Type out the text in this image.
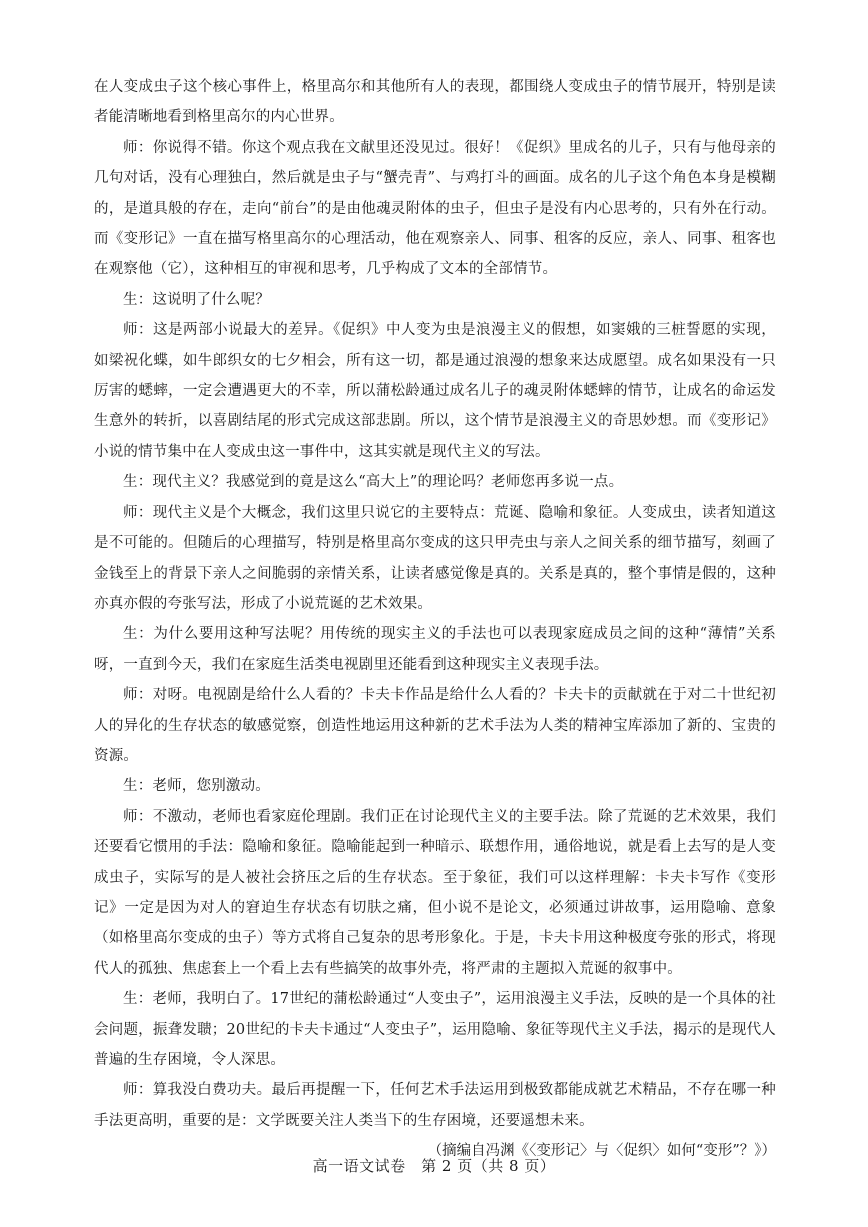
在人变成虫子这个核心事件上，格里高尔和其他所有人的表现，都围绕人变成虫子的情节展开，特别是读者能清晰地看到格里高尔的内心世界。

师：你说得不错。你这个观点我在文献里还没见过。很好！《促织》里成名的儿子，只有与他母亲的几句对话，没有心理独白，然后就是虫子与“蟹壳青”、与鸡打斗的画面。成名的儿子这个角色本身是模糊的，是道具般的存在，走向“前台”的是由他魂灵附体的虫子，但虫子是没有内心思考的，只有外在行动。而《变形记》一直在描写格里高尔的心理活动，他在观察亲人、同事、租客的反应，亲人、同事、租客也在观察他（它），这种相互的审视和思考，几乎构成了文本的全部情节。

生：这说明了什么呢？

师：这是两部小说最大的差异。《促织》中人变为虫是浪漫主义的假想，如窦娥的三桩誓愿的实现，如梁祝化蝶，如牛郎织女的七夕相会，所有这一切，都是通过浪漫的想象来达成愿望。成名如果没有一只厉害的蟋蟀，一定会遭遇更大的不幸，所以蒲松龄通过成名儿子的魂灵附体蟋蟀的情节，让成名的命运发生意外的转折，以喜剧结尾的形式完成这部悲剧。所以，这个情节是浪漫主义的奇思妙想。而《变形记》小说的情节集中在人变成虫这一事件中，这其实就是现代主义的写法。

生：现代主义？我感觉到的竟是这么“高大上”的理论吗？老师您再多说一点。

师：现代主义是个大概念，我们这里只说它的主要特点：荒诞、隐喻和象征。人变成虫，读者知道这是不可能的。但随后的心理描写，特别是格里高尔变成的这只甲壳虫与亲人之间关系的细节描写，刻画了金钱至上的背景下亲人之间脆弱的亲情关系，让读者感觉像是真的。关系是真的，整个事情是假的，这种亦真亦假的夸张写法，形成了小说荒诞的艺术效果。

生：为什么要用这种写法呢？用传统的现实主义的手法也可以表现家庭成员之间的这种“薄情”关系呀，一直到今天，我们在家庭生活类电视剧里还能看到这种现实主义表现手法。

师：对呀。电视剧是给什么人看的？卡夫卡作品是给什么人看的？卡夫卡的贡献就在于对二十世纪初人的异化的生存状态的敏感觉察，创造性地运用这种新的艺术手法为人类的精神宝库添加了新的、宝贵的资源。

生：老师，您别激动。

师：不激动，老师也看家庭伦理剧。我们正在讨论现代主义的主要手法。除了荒诞的艺术效果，我们还要看它惯用的手法：隐喻和象征。隐喻能起到一种暗示、联想作用，通俗地说，就是看上去写的是人变成虫子，实际写的是人被社会挤压之后的生存状态。至于象征，我们可以这样理解：卡夫卡写作《变形记》一定是因为对人的窘迫生存状态有切肤之痛，但小说不是论文，必须通过讲故事，运用隐喻、意象（如格里高尔变成的虫子）等方式将自己复杂的思考形象化。于是，卡夫卡用这种极度夸张的形式，将现代人的孤独、焦虑套上一个看上去有些搞笑的故事外壳，将严肃的主题拟入荒诞的叙事中。

生：老师，我明白了。17世纪的蒲松龄通过“人变虫子”，运用浪漫主义手法，反映的是一个具体的社会问题，振聋发聩；20世纪的卡夫卡通过“人变虫子”，运用隐喻、象征等现代主义手法，揭示的是现代人普遍的生存困境，令人深思。

师：算我没白费功夫。最后再提醒一下，任何艺术手法运用到极致都能成就艺术精品，不存在哪一种手法更高明，重要的是：文学既要关注人类当下的生存困境，还要遥想未来。

（摘编自冯渊《〈变形记〉与〈促织〉如何“变形”？》）

高一语文试卷　第 2 页（共 8 页）
